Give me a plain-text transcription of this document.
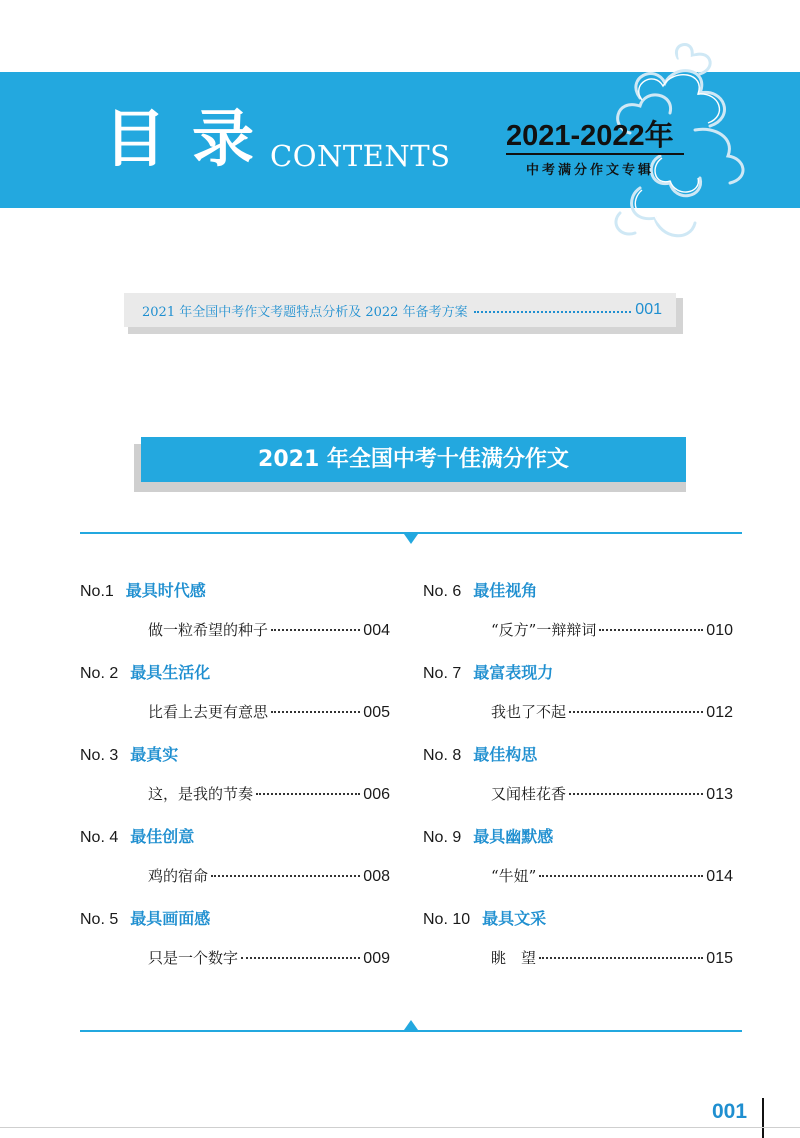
目录
CONTENTS
2021-2022年
中考满分作文专辑
2021 年全国中考作文考题特点分析及 2022 年备考方案	001
2021 年全国中考十佳满分作文
No.1 最具时代感
做一粒希望的种子	004
No. 2 最具生活化
比看上去更有意思	005
No. 3 最真实
这，是我的节奏	006
No. 4 最佳创意
鸡的宿命	008
No. 5 最具画面感
只是一个数字	009
No. 6 最佳视角
“反方”一辩辩词	010
No. 7 最富表现力
我也了不起	012
No. 8 最佳构思
又闻桂花香	013
No. 9 最具幽默感
“牛妞”	014
No. 10 最具文采
眺　望	015
001
